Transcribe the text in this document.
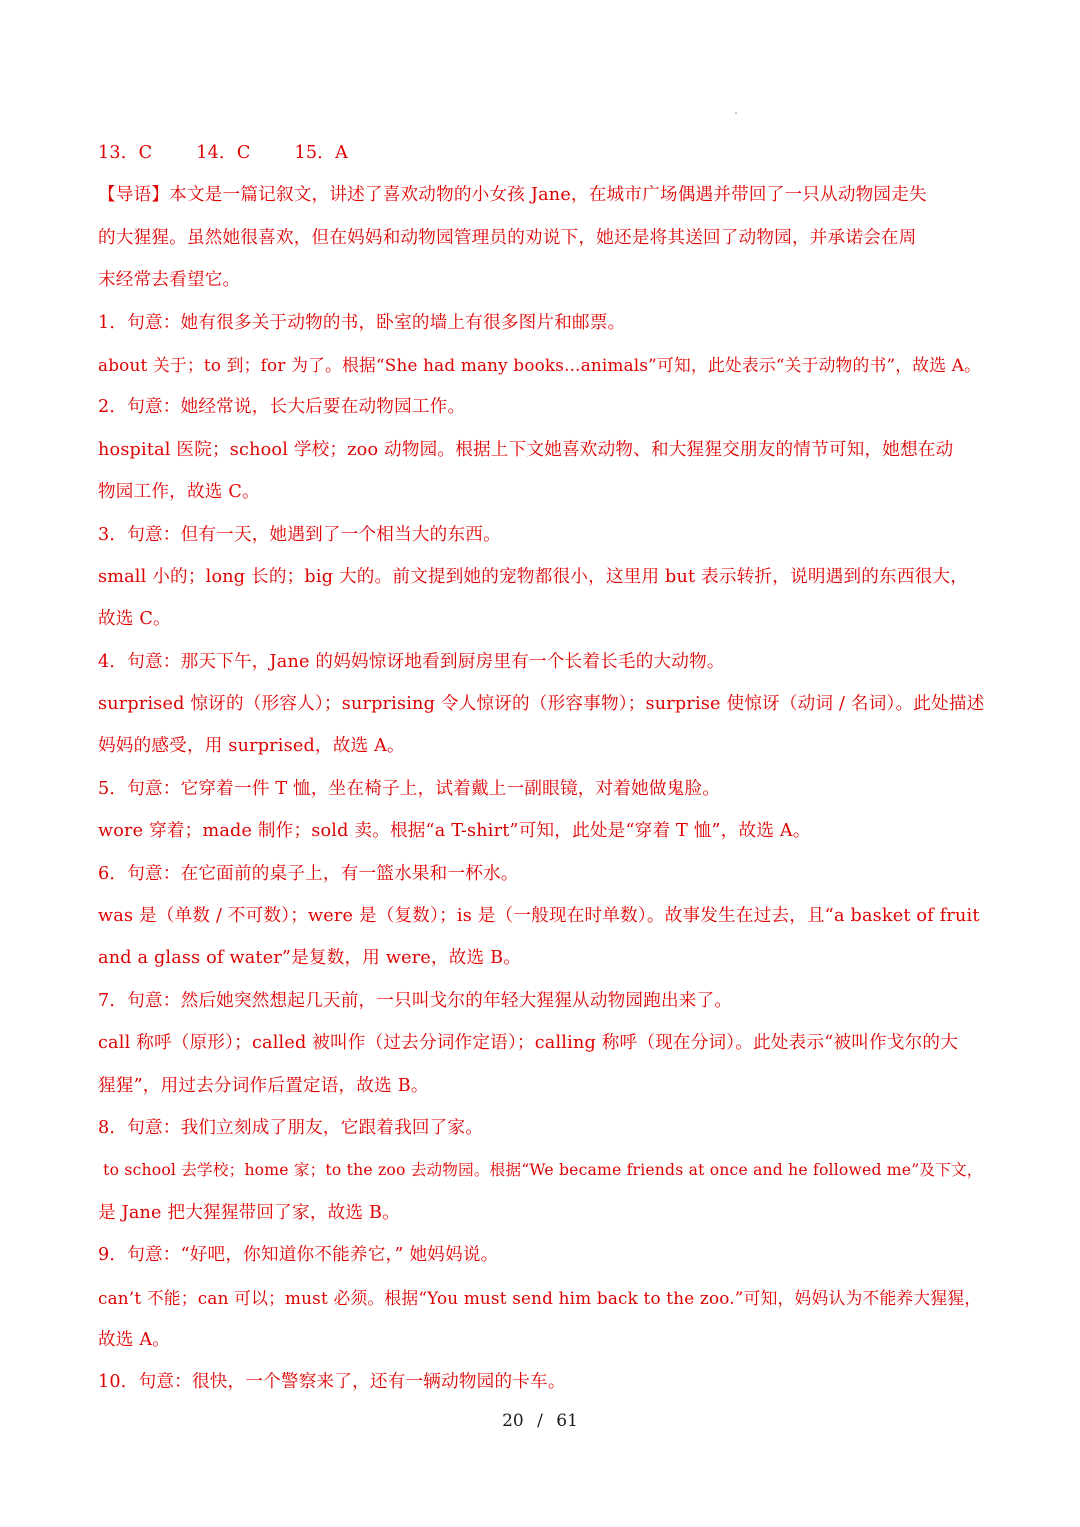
13．C	14．C	15．A
【导语】本文是一篇记叙文，讲述了喜欢动物的小女孩 Jane，在城市广场偶遇并带回了一只从动物园走失
的大猩猩。虽然她很喜欢，但在妈妈和动物园管理员的劝说下，她还是将其送回了动物园，并承诺会在周
末经常去看望它。
1．句意：她有很多关于动物的书，卧室的墙上有很多图片和邮票。
about 关于；to 到；for 为了。根据“She had many books...animals”可知，此处表示“关于动物的书”，故选 A。
2．句意：她经常说，长大后要在动物园工作。
hospital 医院；school 学校；zoo 动物园。根据上下文她喜欢动物、和大猩猩交朋友的情节可知，她想在动
物园工作，故选 C。
3．句意：但有一天，她遇到了一个相当大的东西。
small 小的；long 长的；big 大的。前文提到她的宠物都很小，这里用 but 表示转折，说明遇到的东西很大，
故选 C。
4．句意：那天下午，Jane 的妈妈惊讶地看到厨房里有一个长着长毛的大动物。
surprised 惊讶的（形容人）；surprising 令人惊讶的（形容事物）；surprise 使惊讶（动词 / 名词）。此处描述
妈妈的感受，用 surprised，故选 A。
5．句意：它穿着一件 T 恤，坐在椅子上，试着戴上一副眼镜，对着她做鬼脸。
wore 穿着；made 制作；sold 卖。根据“a T-shirt”可知，此处是“穿着 T 恤”，故选 A。
6．句意：在它面前的桌子上，有一篮水果和一杯水。
was 是（单数 / 不可数）；were 是（复数）；is 是（一般现在时单数）。故事发生在过去，且“a basket of fruit
and a glass of water”是复数，用 were，故选 B。
7．句意：然后她突然想起几天前，一只叫戈尔的年轻大猩猩从动物园跑出来了。
call 称呼（原形）；called 被叫作（过去分词作定语）；calling 称呼（现在分词）。此处表示“被叫作戈尔的大
猩猩”，用过去分词作后置定语，故选 B。
8．句意：我们立刻成了朋友，它跟着我回了家。
to school 去学校；home 家；to the zoo 去动物园。根据“We became friends at once and he followed me”及下文，
是 Jane 把大猩猩带回了家，故选 B。
9．句意：“好吧，你知道你不能养它，” 她妈妈说。
can’t 不能；can 可以；must 必须。根据“You must send him back to the zoo.”可知，妈妈认为不能养大猩猩，
故选 A。
10．句意：很快，一个警察来了，还有一辆动物园的卡车。
20 / 61
